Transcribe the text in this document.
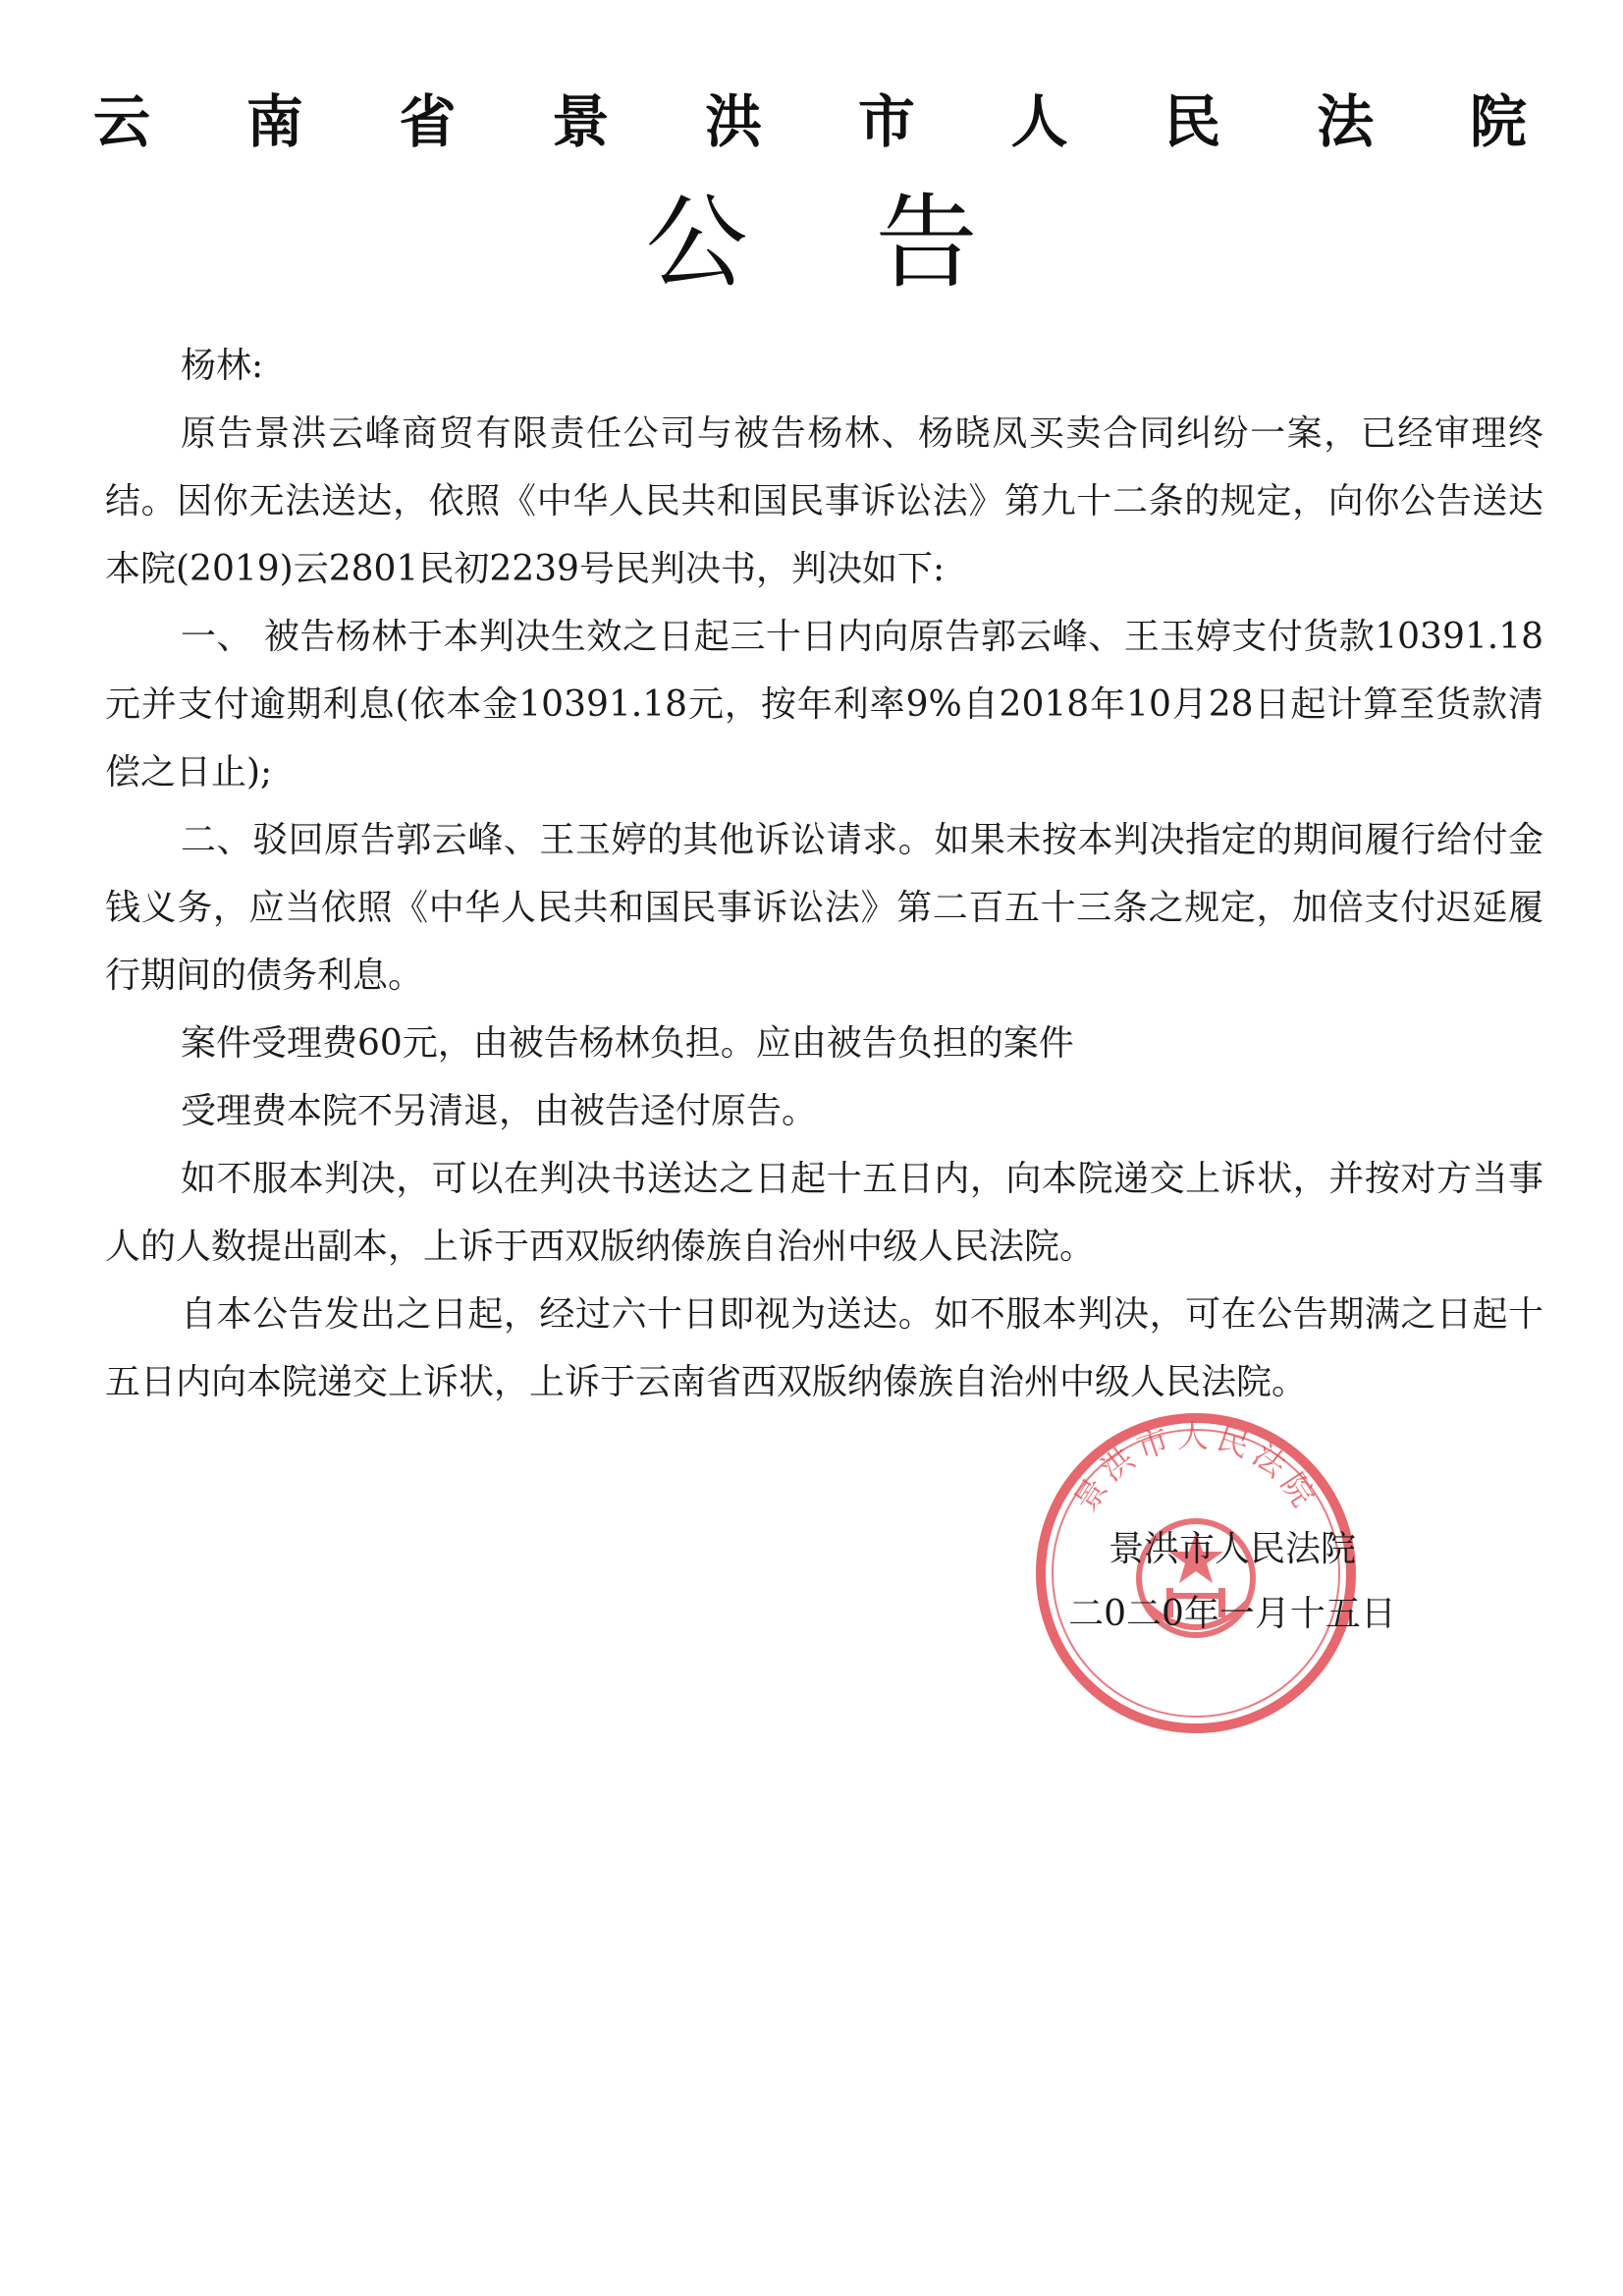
云 南 省 景 洪 市 人 民 法 院
公告

杨林:

原告景洪云峰商贸有限责任公司与被告杨林、杨晓凤买卖合同纠纷一案，已经审理终结。因你无法送达，依照《中华人民共和国民事诉讼法》第九十二条的规定，向你公告送达本院(2019)云2801民初2239号民判决书，判决如下:

一、 被告杨林于本判决生效之日起三十日内向原告郭云峰、王玉婷支付货款10391.18 元并支付逾期利息(依本金10391.18元，按年利率9%自2018年10月28日起计算至货款清偿之日止);

二、驳回原告郭云峰、王玉婷的其他诉讼请求。如果未按本判决指定的期间履行给付金钱义务，应当依照《中华人民共和国民事诉讼法》第二百五十三条之规定，加倍支付迟延履行期间的债务利息。

案件受理费60元，由被告杨林负担。应由被告负担的案件

受理费本院不另清退，由被告迳付原告。

如不服本判决，可以在判决书送达之日起十五日内，向本院递交上诉状，并按对方当事人的人数提出副本，上诉于西双版纳傣族自治州中级人民法院。

自本公告发出之日起，经过六十日即视为送达。如不服本判决，可在公告期满之日起十五日内向本院递交上诉状，上诉于云南省西双版纳傣族自治州中级人民法院。

景洪市人民法院
景洪市人民法院
二0二0年一月十五日
